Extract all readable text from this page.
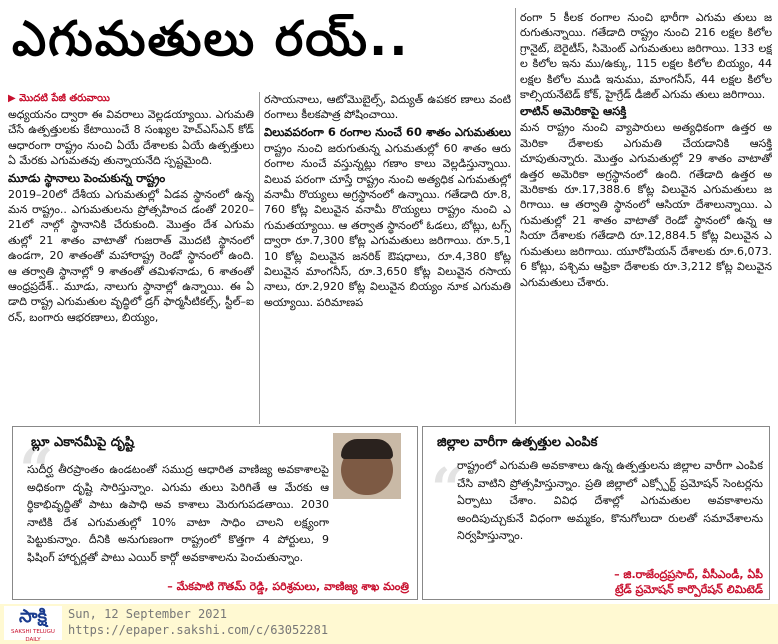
ఎగుమతులు రయ్..
▶ మొదటి పేజీ తరువాయి

అధ్యయనం ద్వారా ఈ వివరాలు వెల్లడయ్యాయి. ఎగుమతి చేసే ఉత్పత్తులకు కేటాయించే 8 సంఖ్యల హెచ్ఎస్ఎన్ కోడ్ ఆధారంగా రాష్ట్రం నుంచి ఏయే దేశాలకు ఏయే ఉత్పత్తులు ఏ మేరకు ఎగుమతవు తున్నాయనేది స్పష్టమైంది.

మూడు స్థానాలు పెంచుకున్న రాష్ట్రం

2019–20లో దేశీయ ఎగుమతుల్లో ఏడవ స్థానంలో ఉన్న మన రాష్ట్రం.. ఎగుమతులను ప్రోత్సహించ డంతో 2020–21లో నాల్గో స్థానానికి చేరుకుంది. మొత్తం దేశ ఎగుమతుల్లో 21 శాతం వాటాతో గుజరాత్ మొదటి స్థానంలో ఉండగా, 20 శాతంతో మహారాష్ట్ర రెండో స్థానంలో ఉంది. ఆ తర్వాతి స్థానాల్లో 9 శాతంతో తమిళనాడు, 6 శాతంతో ఆంధ్రప్రదేశ్.. మూడు, నాలుగు స్థానాల్లో ఉన్నాయి. ఈ ఏడాది రాష్ట్ర ఎగుమతుల వృద్ధిలో డ్రగ్ ఫార్మసీటికల్స్, స్టీల్–ఐరన్, బంగారు ఆభరణాలు, బియ్యం,

రసాయనాలు, ఆటోమొబైల్స్, విద్యుత్ ఉపకర ణాలు వంటి రంగాలు కీలకపాత్ర పోషించాయి.

విలువపరంగా 6 రంగాల నుంచే 60 శాతం ఎగుమతులు

రాష్ట్రం నుంచి జరుగుతున్న ఎగుమతుల్లో 60 శాతం ఆరు రంగాల నుంచే వస్తున్నట్లు గణాం కాలు వెల్లడిస్తున్నాయి. విలువ పరంగా చూస్తే రాష్ట్రం నుంచి అత్యధిక ఎగుమతుల్లో వనామీ రొయ్యలు అగ్రస్థానంలో ఉన్నాయి. గతేడాది రూ.8,760 కోట్ల విలువైన వనామీ రొయ్యలు రాష్ట్రం నుంచి ఎగుమతయ్యాయి. ఆ తర్వాత స్థానంలో ఓడలు, బోట్లు, టగ్స్ ద్వారా రూ.7,300 కోట్ల ఎగుమతులు జరిగాయి. రూ.5,110 కోట్ల విలువైన జనరిక్ ఔషధాలు, రూ.4,380 కోట్ల విలువైన మాంగనీస్, రూ.3,650 కోట్ల విలువైన రసాయనాలు, రూ.2,920 కోట్ల విలువైన బియ్యం నూక ఎగుమతి అయ్యాయి. పరిమాణప

రంగా 5 కీలక రంగాల నుంచి భారీగా ఎగుమ తులు జరుగుతున్నాయి. గతేడాది రాష్ట్రం నుంచి 216 లక్షల కిలోల గ్రానైట్, బెరైటీస్, సిమెంట్ ఎగుమతులు జరిగాయి. 133 లక్షల కిలోల ఇను ము/ఉక్కు, 115 లక్షల కిలోల బియ్యం, 44 లక్షల కిలోల ముడి ఇనుము, మాంగనీస్, 44 లక్షల కిలోల కాల్సియనేటెడ్ కోక్, హైగ్రేడ్ డీజిల్ ఎగుమ తులు జరిగాయి.

లాటిన్ అమెరికాపై ఆసక్తి

మన రాష్ట్రం నుంచి వ్యాపారులు అత్యధికంగా ఉత్తర అమెరికా దేశాలకు ఎగుమతి చేయడానికి ఆసక్తి చూపుతున్నారు. మొత్తం ఎగుమతుల్లో 29 శాతం వాటాతో ఉత్తర అమెరికా అగ్రస్థానంలో ఉంది. గతేడాది ఉత్తర అమెరికాకు రూ.17,388.6 కోట్ల విలువైన ఎగుమతులు జరిగాయి. ఆ తర్వాతి స్థానంలో ఆసియా దేశాలున్నాయి. ఎగుమతుల్లో 21 శాతం వాటాతో రెండో స్థానంలో ఉన్న ఆసియా దేశాలకు గతేడాది రూ.12,884.5 కోట్ల విలువైన ఎగుమతులు జరిగాయి. యూరోపియన్ దేశాలకు రూ.6,073.6 కోట్లు, పశ్చిమ ఆఫ్రికా దేశాలకు రూ.3,212 కోట్ల విలువైన ఎగుమతులు చేశారు.

“
బ్లూ ఎకానమీపై దృష్టి
సుదీర్ఘ తీరప్రాంతం ఉండటంతో సముద్ర ఆధారిత వాణిజ్య అవకాశాలపై అధికంగా దృష్టి సారిస్తున్నాం. ఎగుమ తులు పెరిగితే ఆ మేరకు ఆర్థికాభివృద్ధితో పాటు ఉపాధి అవ కాశాలు మెరుగుపడతాయి. 2030 నాటికి దేశ ఎగుమతుల్లో 10% వాటా సాధిం చాలని లక్ష్యంగా పెట్టుకున్నాం. దీనికి అనుగుణంగా రాష్ట్రంలో కొత్తగా 4 పోర్టులు, 9 ఫిషింగ్ హార్బర్లతో పాటు ఎయిర్ కార్గో అవకాశాలను పెంచుతున్నాం.
– మేకపాటి గౌతమ్ రెడ్డి, పరిశ్రమలు, వాణిజ్య శాఖ మంత్రి
“
జిల్లాల వారీగా ఉత్పత్తుల ఎంపిక
రాష్ట్రంలో ఎగుమతి అవకాశాలు ఉన్న ఉత్పత్తులను జిల్లాల వారీగా ఎంపిక చేసి వాటిని ప్రోత్సహిస్తున్నాం. ప్రతి జిల్లాలో ఎక్స్పోర్ట్ ప్రమోషన్ సెంటర్లను ఏర్పాటు చేశాం. వివిధ దేశాల్లో ఎగుమతుల అవకాశాలను అందిపుచ్చుకునే విధంగా అమ్మకం, కొనుగోలుదా రులతో సమావేశాలను నిర్వహిస్తున్నాం.
– జి.రాజేంద్రప్రసాద్, వీసీఎండీ, ఏపీ
ట్రేడ్ ప్రమోషన్ కార్పొరేషన్ లిమిటెడ్
సాక్షి
SAKSHI TELUGU DAILY
Sun, 12 September 2021
https://epaper.sakshi.com/c/63052281
